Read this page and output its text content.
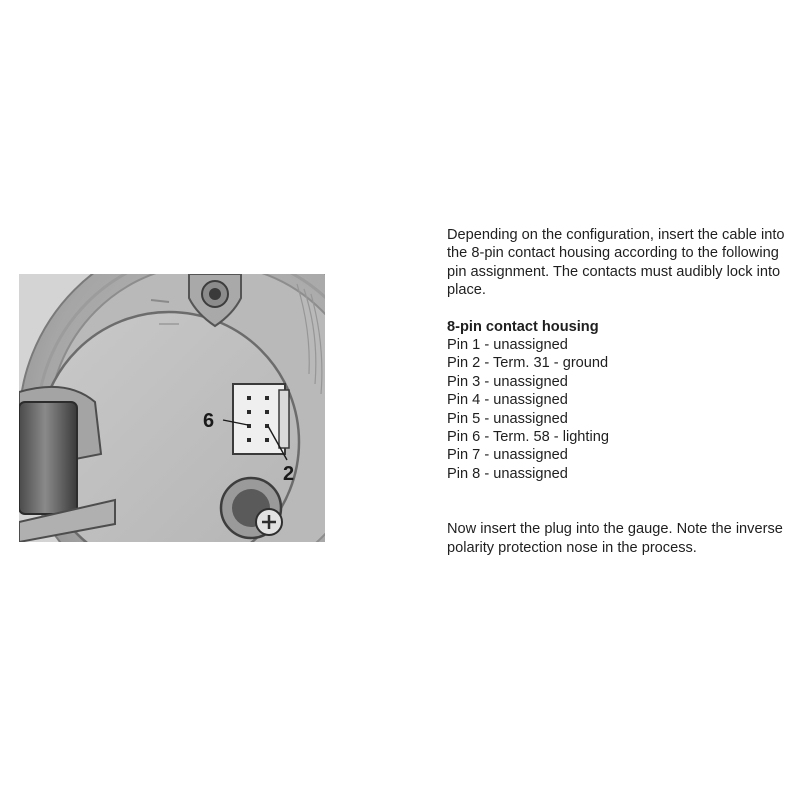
6
2

Depending on the configuration, insert the cable into the 8-pin contact housing according to the following pin assignment. The contacts must audibly lock into place.

8-pin contact housing

Pin 1 - unassigned
Pin 2 - Term. 31 - ground
Pin 3 - unassigned
Pin 4 - unassigned
Pin 5 - unassigned
Pin 6 - Term. 58 - lighting
Pin 7 - unassigned
Pin 8 - unassigned

Now insert the plug into the gauge. Note the inverse polarity protection nose in the process.
